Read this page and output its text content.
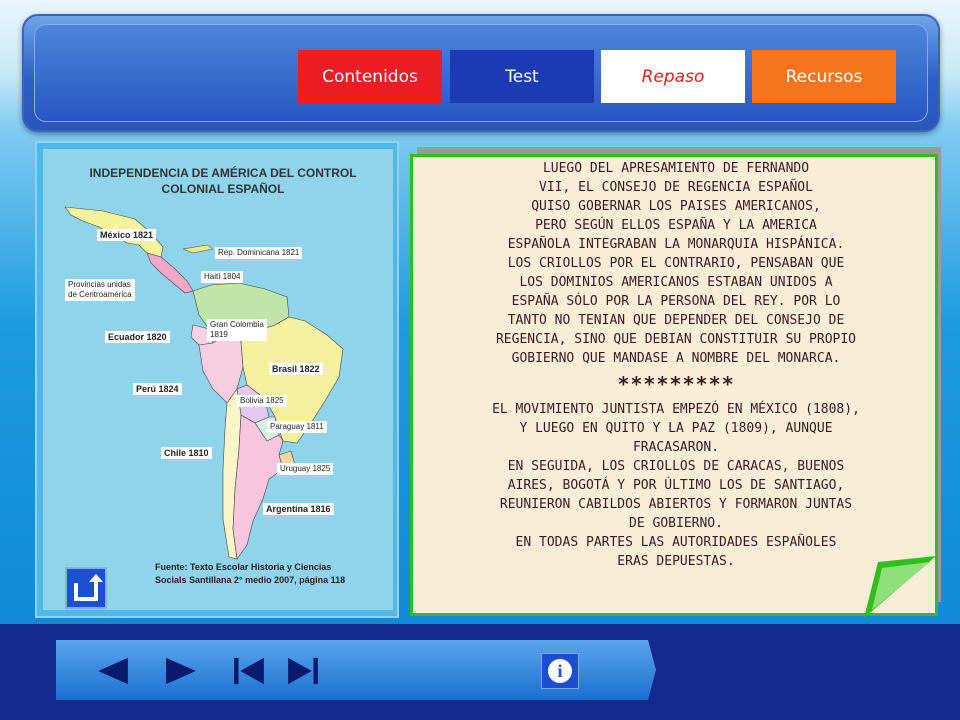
Contenidos	Test	Repaso	Recursos
INDEPENDENCIA DE AMÉRICA DEL CONTROL
COLONIAL ESPAÑOL
México 1821
Rep. Dominicana 1821
Haití 1804
Provincias unidas
de Centroamérica
Gran Colombia
1819
Ecuador 1820
Brasil 1822
Perú 1824
Bolivia 1825
Paraguay 1811
Chile 1810
Uruguay 1825
Argentina 1816
Fuente: Texto Escolar Historia y Ciencias
Socials Santillana 2° medio 2007, página 118

LUEGO DEL APRESAMIENTO DE FERNANDO

VII, EL CONSEJO DE REGENCIA ESPAÑOL

QUISO GOBERNAR LOS PAISES AMERICANOS,

PERO SEGÚN ELLOS ESPAÑA Y LA AMERICA

ESPAÑOLA INTEGRABAN LA MONARQUIA HISPÁNICA.

LOS CRIOLLOS POR EL CONTRARIO, PENSABAN QUE

LOS DOMINIOS AMERICANOS ESTABAN UNIDOS A

ESPAÑA SÓLO POR LA PERSONA DEL REY. POR LO

TANTO NO TENIAN QUE DEPENDER DEL CONSEJO DE

REGENCIA, SINO QUE DEBIAN CONSTITUIR SU PROPIO

GOBIERNO QUE MANDASE A NOMBRE DEL MONARCA.

*********

EL MOVIMIENTO JUNTISTA EMPEZÓ EN MÉXICO (1808),

Y LUEGO EN QUITO Y LA PAZ (1809), AUNQUE

FRACASARON.

EN SEGUIDA, LOS CRIOLLOS DE CARACAS, BUENOS

AIRES, BOGOTÁ Y POR ÚLTIMO LOS DE SANTIAGO,

REUNIERON CABILDOS ABIERTOS Y FORMARON JUNTAS

DE GOBIERNO.

EN TODAS PARTES LAS AUTORIDADES ESPAÑOLES

ERAS DEPUESTAS.

i
